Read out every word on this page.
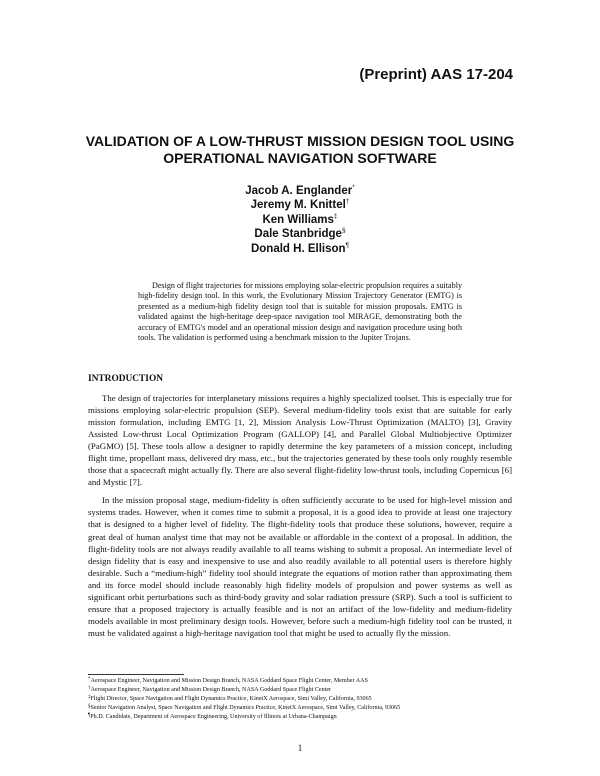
(Preprint) AAS 17-204
VALIDATION OF A LOW-THRUST MISSION DESIGN TOOL USING
OPERATIONAL NAVIGATION SOFTWARE
Jacob A. Englander*
Jeremy M. Knittel†
Ken Williams‡
Dale Stanbridge§
Donald H. Ellison¶
Design of flight trajectories for missions employing solar-electric propulsion requires a suitably high-fidelity design tool. In this work, the Evolutionary Mission Trajectory Generator (EMTG) is presented as a medium-high fidelity design tool that is suitable for mission proposals. EMTG is validated against the high-heritage deep-space navigation tool MIRAGE, demonstrating both the accuracy of EMTG's model and an operational mission design and navigation procedure using both tools. The validation is performed using a benchmark mission to the Jupiter Trojans.
INTRODUCTION

The design of trajectories for interplanetary missions requires a highly specialized toolset. This is especially true for missions employing solar-electric propulsion (SEP). Several medium-fidelity tools exist that are suitable for early mission formulation, including EMTG [1, 2], Mission Analysis Low-Thrust Optimization (MALTO) [3], Gravity Assisted Low-thrust Local Optimization Program (GALLOP) [4], and Parallel Global Multiobjective Optimizer (PaGMO) [5]. These tools allow a designer to rapidly determine the key parameters of a mission concept, including flight time, propellant mass, delivered dry mass, etc., but the trajectories generated by these tools only roughly resemble those that a spacecraft might actually fly. There are also several flight-fidelity low-thrust tools, including Copernicus [6] and Mystic [7].

In the mission proposal stage, medium-fidelity is often sufficiently accurate to be used for high-level mission and systems trades. However, when it comes time to submit a proposal, it is a good idea to provide at least one trajectory that is designed to a higher level of fidelity. The flight-fidelity tools that produce these solutions, however, require a great deal of human analyst time that may not be available or affordable in the context of a proposal. In addition, the flight-fidelity tools are not always readily available to all teams wishing to submit a proposal. An intermediate level of design fidelity that is easy and inexpensive to use and also readily available to all potential users is therefore highly desirable. Such a “medium-high” fidelity tool should integrate the equations of motion rather than approximating them and its force model should include reasonably high fidelity models of propulsion and power systems as well as significant orbit perturbations such as third-body gravity and solar radiation pressure (SRP). Such a tool is sufficient to ensure that a proposed trajectory is actually feasible and is not an artifact of the low-fidelity and medium-fidelity models available in most preliminary design tools. However, before such a medium-high fidelity tool can be trusted, it must be validated against a high-heritage navigation tool that might be used to actually fly the mission.

*Aerospace Engineer, Navigation and Mission Design Branch, NASA Goddard Space Flight Center, Member AAS
†Aerospace Engineer, Navigation and Mission Design Branch, NASA Goddard Space Flight Center
‡Flight Director, Space Navigation and Flight Dynamics Practice, KinetX Aerospace, Simi Valley, California, 93065
§Senior Navigation Analyst, Space Navigation and Flight Dynamics Practice, KinetX Aerospace, Simi Valley, California, 93065
¶Ph.D. Candidate, Department of Aerospace Engineering, University of Illinois at Urbana-Champaign
1
